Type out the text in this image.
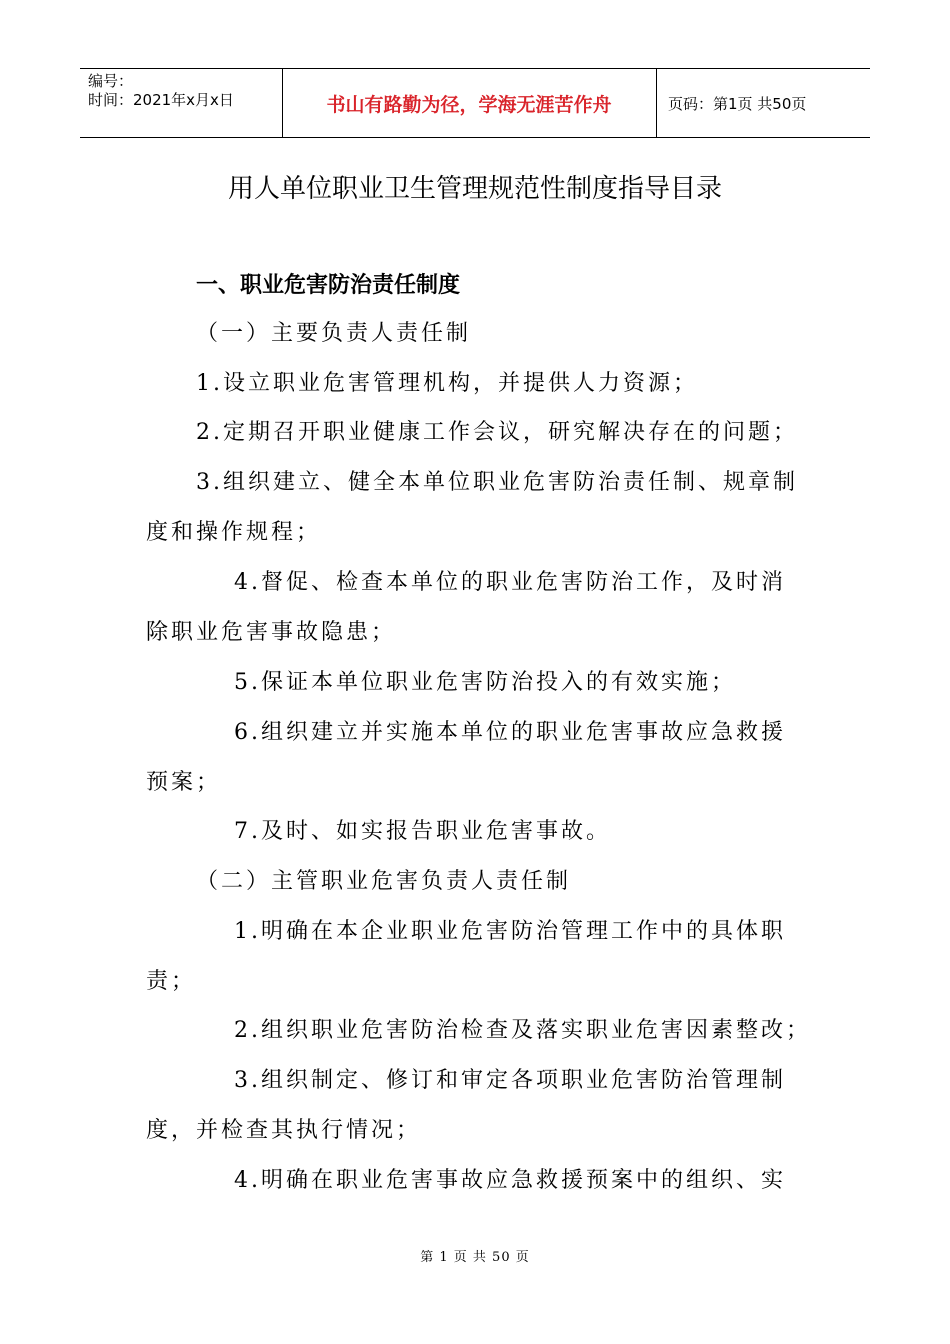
编号：
时间：2021年x月x日	书山有路勤为径，学海无涯苦作舟	页码：第1页 共50页
用人单位职业卫生管理规范性制度指导目录
一、职业危害防治责任制度
（一）主要负责人责任制
1.设立职业危害管理机构，并提供人力资源；
2.定期召开职业健康工作会议，研究解决存在的问题；
3.组织建立、健全本单位职业危害防治责任制、规章制
度和操作规程；
4.督促、检查本单位的职业危害防治工作，及时消
除职业危害事故隐患；
5.保证本单位职业危害防治投入的有效实施；
6.组织建立并实施本单位的职业危害事故应急救援
预案；
7.及时、如实报告职业危害事故。
（二）主管职业危害负责人责任制
1.明确在本企业职业危害防治管理工作中的具体职
责；
2.组织职业危害防治检查及落实职业危害因素整改；
3.组织制定、修订和审定各项职业危害防治管理制
度，并检查其执行情况；
4.明确在职业危害事故应急救援预案中的组织、实
第 1 页 共 50 页
